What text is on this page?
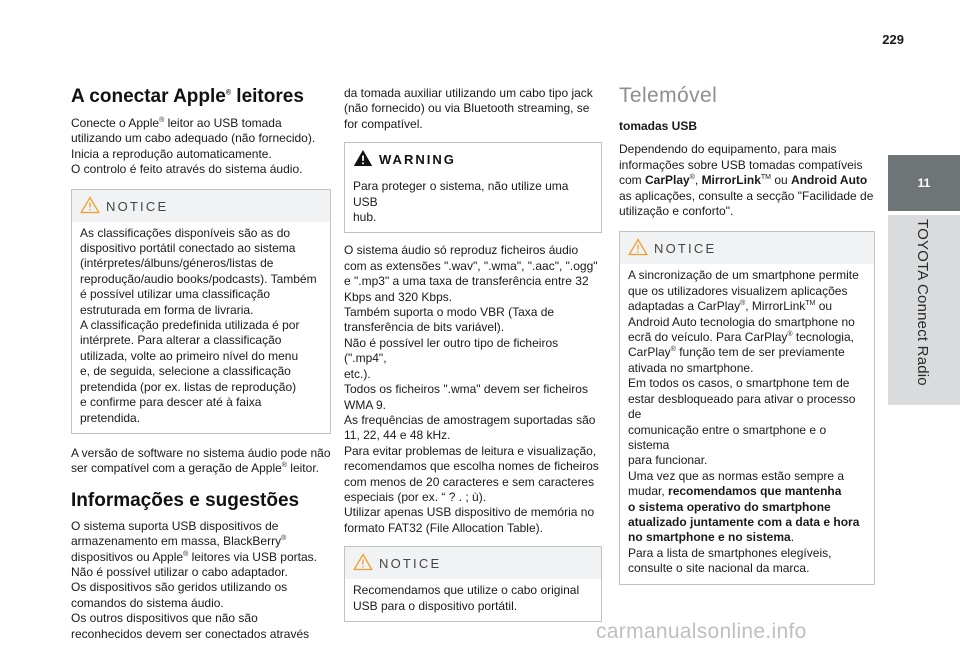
229
11
TOYOTA Connect Radio
A conectar Apple® leitores

Conecte o Apple® leitor ao USB tomada
utilizando um cabo adequado (não fornecido).
Inicia a reprodução automaticamente.
O controlo é feito através do sistema áudio.

NOTICE
As classificações disponíveis são as do
dispositivo portátil conectado ao sistema
(intérpretes/álbuns/géneros/listas de
reprodução/audio books/podcasts). Também
é possível utilizar uma classificação
estruturada em forma de livraria.
A classificação predefinida utilizada é por
intérprete. Para alterar a classificação
utilizada, volte ao primeiro nível do menu
e, de seguida, selecione a classificação
pretendida (por ex. listas de reprodução)
e confirme para descer até à faixa pretendida.

A versão de software no sistema áudio pode não
ser compatível com a geração de Apple® leitor.

Informações e sugestões

O sistema suporta USB dispositivos de
armazenamento em massa, BlackBerry®
dispositivos ou Apple® leitores via USB portas.
Não é possível utilizar o cabo adaptador.
Os dispositivos são geridos utilizando os
comandos do sistema áudio.
Os outros dispositivos que não são
reconhecidos devem ser conectados através

da tomada auxiliar utilizando um cabo tipo jack
(não fornecido) ou via Bluetooth streaming, se
for compatível.

WARNING
Para proteger o sistema, não utilize uma USB
hub.

O sistema áudio só reproduz ficheiros áudio
com as extensões ".wav", ".wma", ".aac", ".ogg"
e ".mp3" a uma taxa de transferência entre 32
Kbps and 320 Kbps.
Também suporta o modo VBR (Taxa de
transferência de bits variável).
Não é possível ler outro tipo de ficheiros (".mp4",
etc.).
Todos os ficheiros ".wma" devem ser ficheiros
WMA 9.
As frequências de amostragem suportadas são
11, 22, 44 e 48 kHz.
Para evitar problemas de leitura e visualização,
recomendamos que escolha nomes de ficheiros
com menos de 20 caracteres e sem caracteres
especiais (por ex. “ ? . ; ù).
Utilizar apenas USB dispositivo de memória no
formato FAT32 (File Allocation Table).

NOTICE
Recomendamos que utilize o cabo original
USB para o dispositivo portátil.
Telemóvel
tomadas USB

Dependendo do equipamento, para mais
informações sobre USB tomadas compatíveis
com CarPlay®, MirrorLink™ ou Android Auto
as aplicações, consulte a secção "Facilidade de
utilização e conforto".

NOTICE
A sincronização de um smartphone permite
que os utilizadores visualizem aplicações
adaptadas a CarPlay®, MirrorLink™ ou
Android Auto tecnologia do smartphone no
ecrã do veículo. Para CarPlay® tecnologia,
CarPlay® função tem de ser previamente
ativada no smartphone.
Em todos os casos, o smartphone tem de
estar desbloqueado para ativar o processo de
comunicação entre o smartphone e o sistema
para funcionar.
Uma vez que as normas estão sempre a
mudar, recomendamos que mantenha
o sistema operativo do smartphone
atualizado juntamente com a data e hora
no smartphone e no sistema.
Para a lista de smartphones elegíveis,
consulte o site nacional da marca.
carmanualsonline.info
